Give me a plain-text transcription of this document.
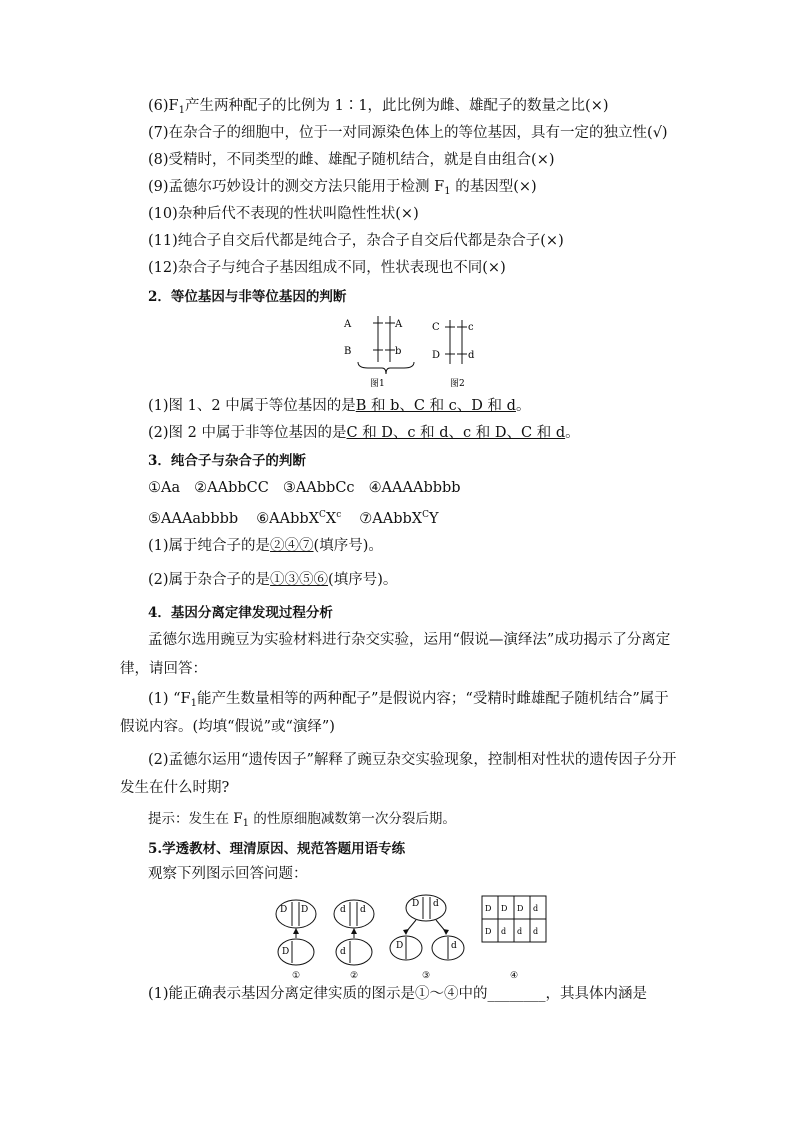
$(6)F_1$产生两种配子的比例为 1∶1，此比例为雌、雄配子的数量之比(×)
(7)在杂合子的细胞中，位于一对同源染色体上的等位基因，具有一定的独立性(√)
(8)受精时，不同类型的雌、雄配子随机结合，就是自由组合(×)
(9)孟德尔巧妙设计的测交方法只能用于检测 $F_1$ 的基因型(×)
(10)杂种后代不表现的性状叫隐性性状(×)
(11)纯合子自交后代都是纯合子，杂合子自交后代都是杂合子(×)
(12)杂合子与纯合子基因组成不同，性状表现也不同(×)
2．等位基因与非等位基因的判断
A
B
A
b
图1
C
D
c
d
图2
(1)图 1、2 中属于等位基因的是B 和 b、C 和 c、D 和 d。
(2)图 2 中属于非等位基因的是C 和 D、c 和 d、c 和 D、C 和 d。
3．纯合子与杂合子的判断
①Aa ②AAbbCC ③AAbbCc ④AAAAbbbb
⑤AAAabbbb $⑥AAbbX^CX^c$ ⑦AAbbX$^C$Y
(1)属于纯合子的是②④⑦(填序号)。
(2)属于杂合子的是①③⑤⑥(填序号)。
4．基因分离定律发现过程分析
孟德尔选用豌豆为实验材料进行杂交实验，运用“假说—演绎法”成功揭示了分离定
律，请回答：
(1) “$F_1$能产生数量相等的两种配子”是假说内容；“受精时雌雄配子随机结合”属于
假说内容。(均填“假说”或“演绎”)
(2)孟德尔运用“遗传因子”解释了豌豆杂交实验现象，控制相对性状的遗传因子分开
发生在什么时期?
提示：发生在 $F_1$ 的性原细胞减数第一次分裂后期。
5.学透教材、理清原因、规范答题用语专练
观察下列图示回答问题：
D D
D
①
d d
d
②
D d
D	d
③
D D D d
D d d d
④
(1)能正确表示基因分离定律实质的图示是①～④中的________，其具体内涵是
